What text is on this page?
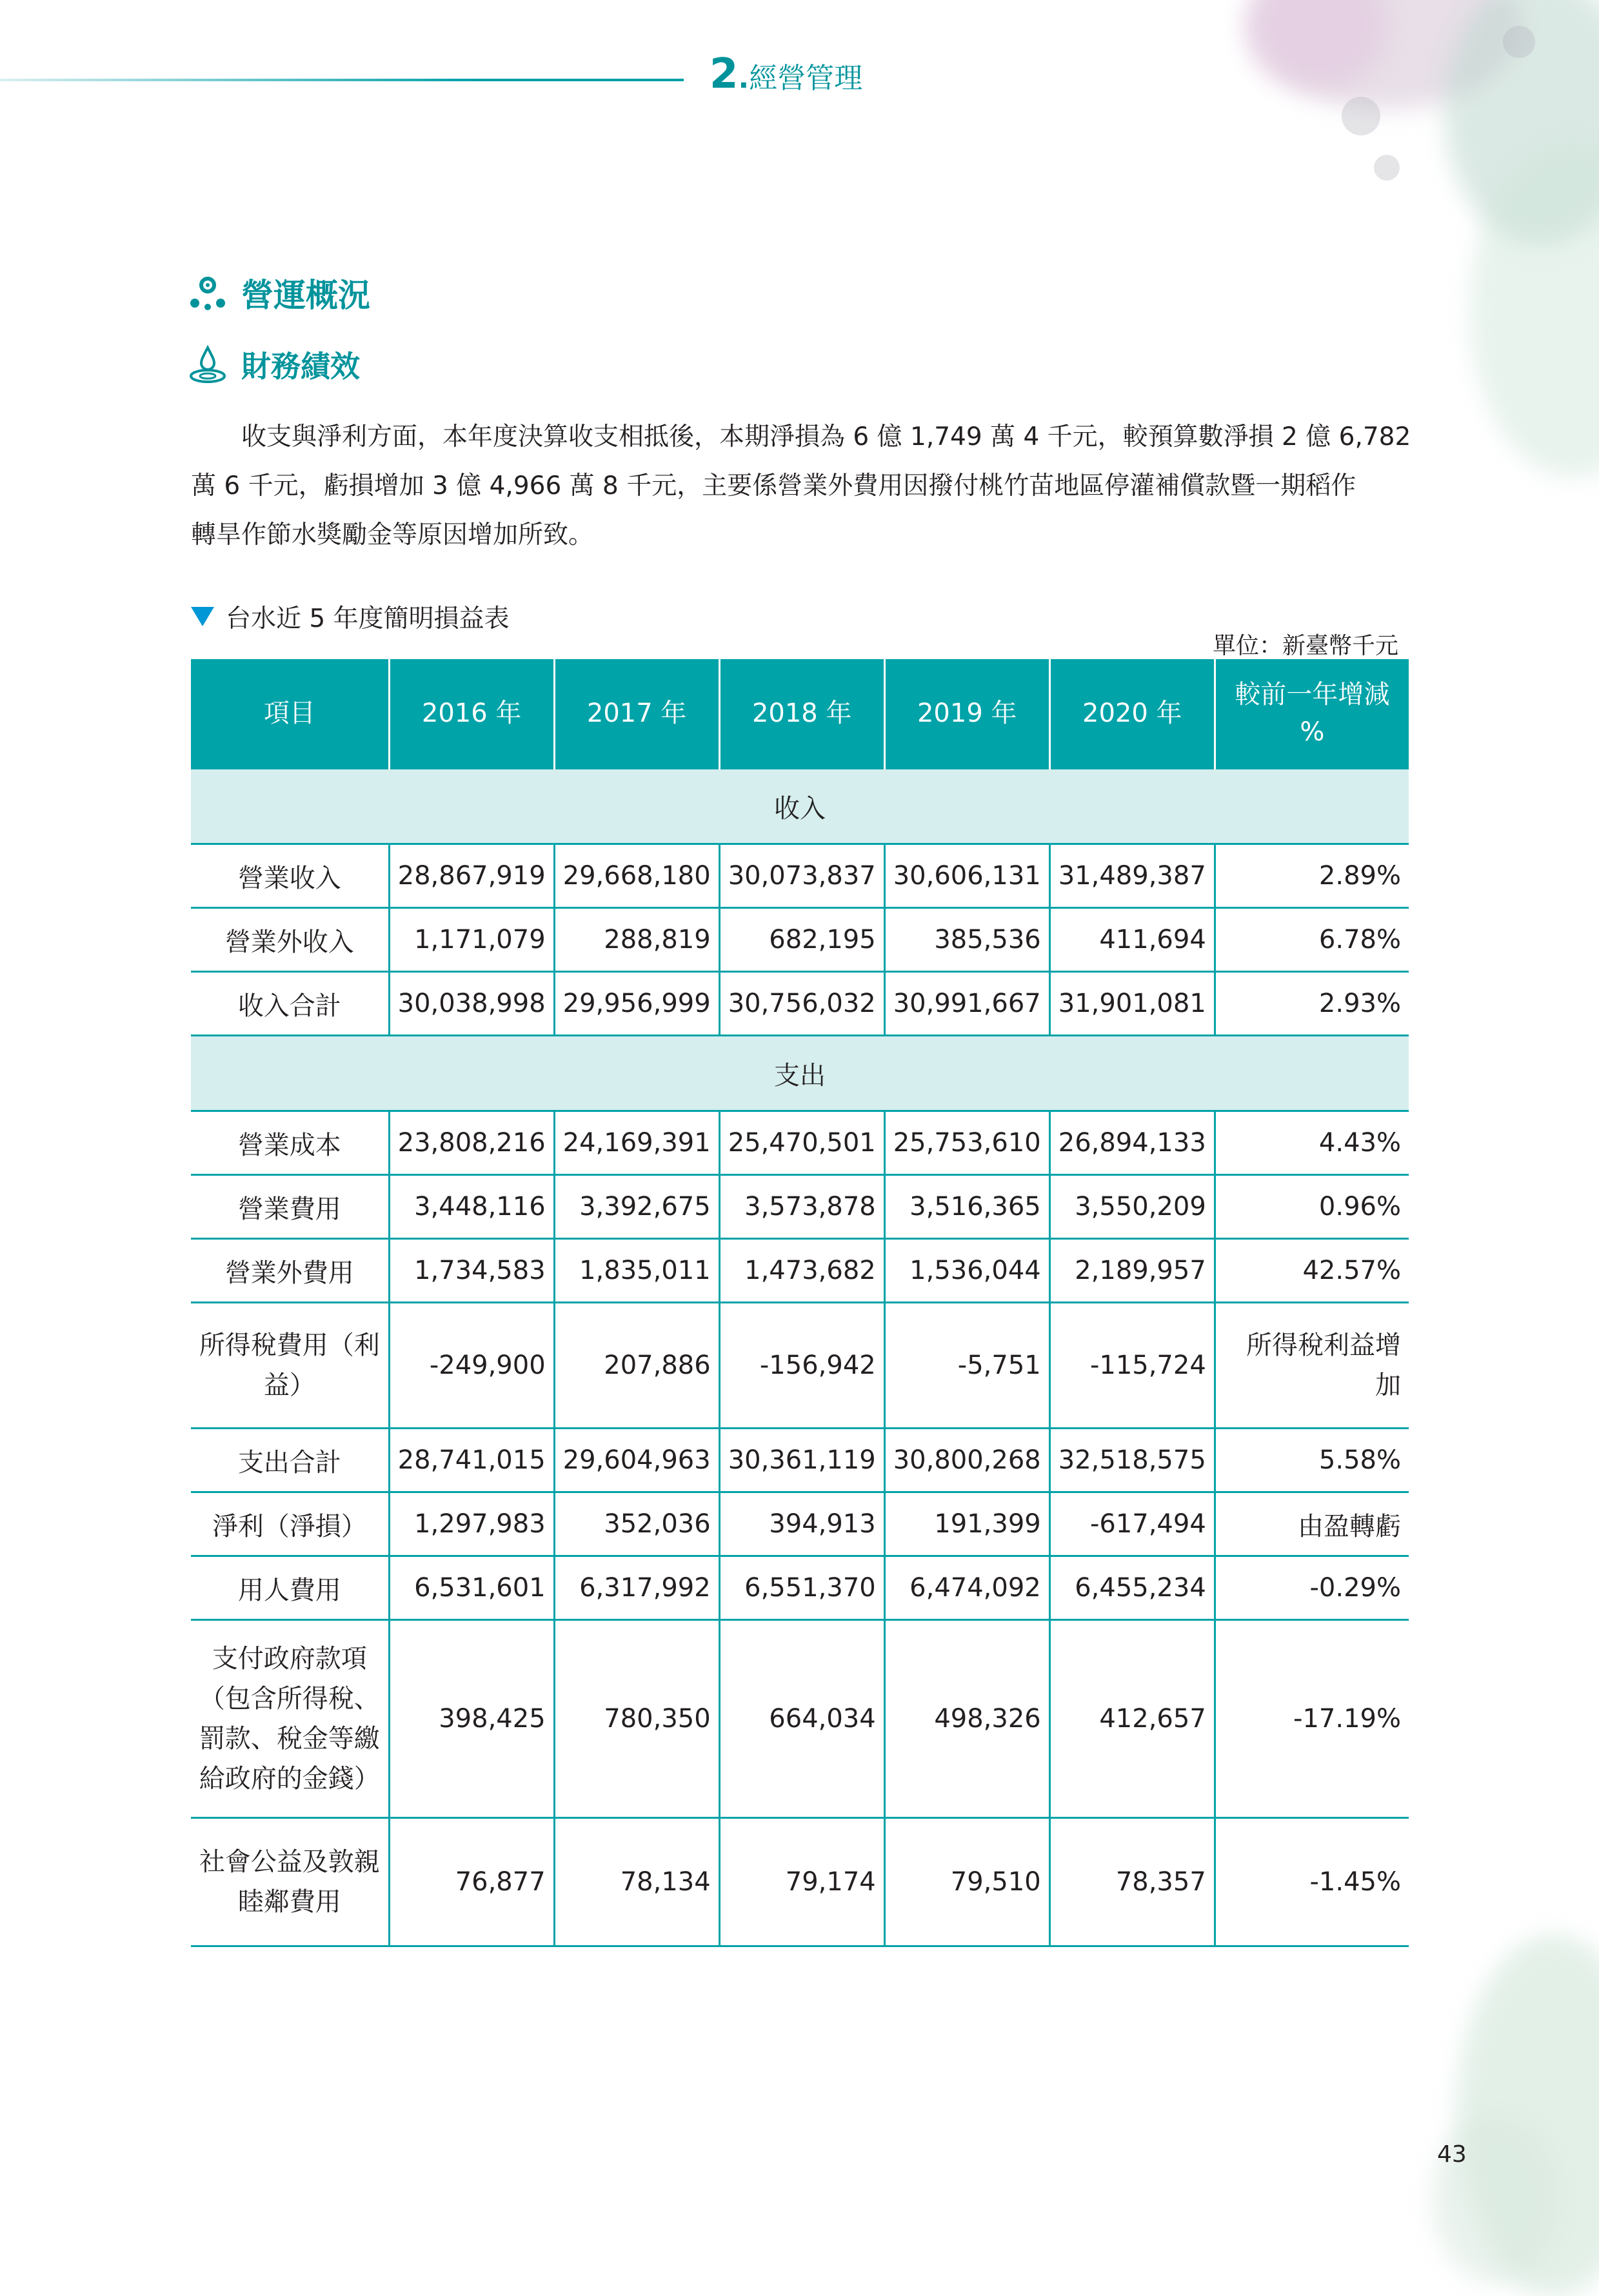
2 . 經營管理
營運概況
財務績效
　　收支與淨利方面，本年度決算收支相抵後，本期淨損為 6 億 1,749 萬 4 千元，較預算數淨損 2 億 6,782
萬 6 千元，虧損增加 3 億 4,966 萬 8 千元，主要係營業外費用因撥付桃竹苗地區停灌補償款暨一期稻作
轉旱作節水獎勵金等原因增加所致。
台水近 5 年度簡明損益表
單位：新臺幣千元
項目	2016 年	2017 年	2018 年	2019 年	2020 年	較前一年增減 %
收入						
營業收入	28,867,919	29,668,180	30,073,837	30,606,131	31,489,387	2.89%
營業外收入	1,171,079	288,819	682,195	385,536	411,694	6.78%
收入合計	30,038,998	29,956,999	30,756,032	30,991,667	31,901,081	2.93%
支出						
營業成本	23,808,216	24,169,391	25,470,501	25,753,610	26,894,133	4.43%
營業費用	3,448,116	3,392,675	3,573,878	3,516,365	3,550,209	0.96%
營業外費用	1,734,583	1,835,011	1,473,682	1,536,044	2,189,957	42.57%
所得稅費用（利益）	-249,900	207,886	-156,942	-5,751	-115,724	所得稅利益增加
支出合計	28,741,015	29,604,963	30,361,119	30,800,268	32,518,575	5.58%
淨利（淨損）	1,297,983	352,036	394,913	191,399	-617,494	由盈轉虧
用人費用	6,531,601	6,317,992	6,551,370	6,474,092	6,455,234	-0.29%
支付政府款項（包含所得稅、罰款、稅金等繳給政府的金錢）	398,425	780,350	664,034	498,326	412,657	-17.19%
社會公益及敦親睦鄰費用	76,877	78,134	79,174	79,510	78,357	-1.45%
43
